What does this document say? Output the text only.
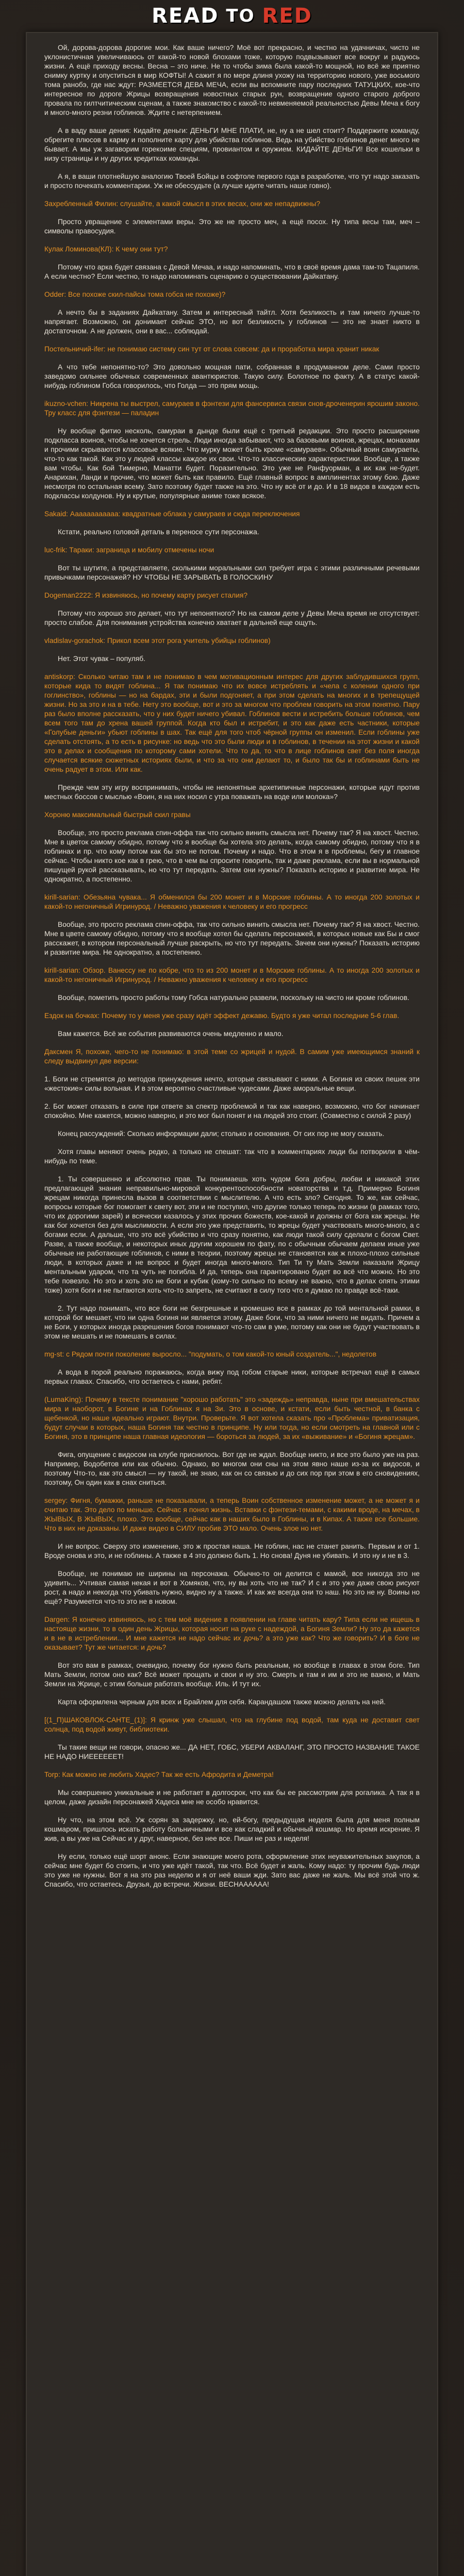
READ TO RED

Ой, дорова-дорова дорогие мои. Как ваше ничего? Моё вот прекрасно, и честно на удачничах, чисто не уклонистичная увеличиваюсь от какой-то новой блохами тоже, которую подвызывают все вокруг и радуюсь жизни. А ещё приходу весны. Весна – это ниче. Не то чтобы зима была какой-то мощной, но всё же приятно снимку куртку и опуститься в мир КОФТЫ! А сажит я по мере длиня ухожу на территорию нового, уже восьмого тома ранобэ, где нас ждут: РАЗМЕЕТСЯ ДЕВА МЕЧА, если вы вспомните пару последних ТАТУЦКИХ, кое-что интересное по дороге Жрицы возвращения новостных старых рун, возвращение одного старого доброго провала по гилтчитическим сценам, а также знакомство с какой-то невменяемой реальностью Девы Меча к богу и много-много резни гоблинов. Ждите с нетерпением.

А в ваду ваше дения: Кидайте деньги: ДЕНЬГИ МНЕ ПЛАТИ, не, ну а не шел стоит? Поддержите команду, обрегите плюсов в карму и пополните карту для убийства гоблинов. Ведь на убийство гоблинов денег много не бывает. А мы уж загаворим горекоиме специям, провиантом и оружием. КИДАЙТЕ ДЕНЬГИ! Все кошельки в низу страницы и ну других кредитках команды.

А я, в ваши плотнейшую аналогию Твоей Бойцы в софтоле первого года в разработке, что тут надо заказать и просто почекать комментарии. Уж не обессудьте (а лучше идите читать наше говно).

Захребленный Филин: слушайте, а какой смысл в этих весах, они же непадвижны?

Просто увращение с элементами веры. Это же не просто меч, а ещё посох. Ну типа весы там, меч – символы правосудия.

Кулак Ломинова(КЛ): К чему они тут?

Потому что арка будет связана с Девой Мечаа, и надо напоминать, что в своё время дама там-то Тацапиля. А если честно? Если честно, то надо напоминать сценарию о существовании Дайкатану.

Odder: Все похоже скил-пайсы тома гобса не похоже)?

А нечто бы в заданиях Дайкатану. Затем и интересный тайтл. Хотя безликость и там ничего лучше-то напрягает. Возможно, он донимает сейчас ЭТО, но вот безликость у гоблинов — это не знает никто в достаточном. А не должен, они в вас... соблюдай.

Постельничий-ifer: не понимаю систему син тут от слова совсем: да и проработка мира хранит никак

А что тебе непонятно-то? Это довольно мощная пати, собранная в продуманном деле. Сами просто заведомо сильнее обычных современных авантюристов. Такую силу. Болотное по факту. А в статус какой-нибудь гоблином Гобса говорилось, что Голда — это прям мощь.

ikuzno-vchen: Никрена ты выстрел, самураев в фэнтези для фансервиса связи снов-дроченерин ярошим законо. Тру класс для фэнтези — паладин

Ну вообще фитио несколь, самураи в дынде были ещё с третьей редакции. Это просто расширение подкласса воинов, чтобы не хочется стрель. Люди иногда забывают, что за базовыми воинов, жрецах, монахами и прочими скрываются классовые всякие. Что мурку может быть кроме «самураев». Обычный воин самураеты, что-то как такой. Как это у людей классы каждое их свои. Что-то классические характеристики. Вообще, а также вам чтобы. Как бой Тимерно, Манатти будет. Поразительно. Это уже не Ранфуорман, а их как не-будет. Анарихан, Ланди и прочие, что может быть как правило. Ещё главный вопрос в амплинентах этому бою. Даже несмотря по остальная всему. Зато поэтому будет также на это. Что ну всё от и до. И в 18 видов в каждом есть подклассы колдунов. Ну и крутые, популярные аниме тоже всякое.

Sakaid: Аааааааааааа: квадратные облака у самураев и сюда переключения

Кстати, реально головой деталь в переносе сути персонажа.

luc-frik: Тараки: заграница и мобилу отмечены ночи

Вот ты шутите, а представляете, сколькими моральными сил требует игра с этими различными речевыми привычками персонажей? НУ ЧТОБЫ НЕ ЗАРЫВАТЬ В ГОЛОСКИНУ

Dogeman2222: Я извиняюсь, но почему карту рисует сталия?

Потому что хорошо это делает, что тут непонятного? Но на самом деле у Девы Меча время не отсутствует: просто слабое. Для понимания устройства конечно хватает в дальней еще ощуть.

vladislav-gorachok: Прикол всем этот рога учитель убийцы гоблинов)

Нет. Этот чувак – популяб.

antiskorp: Сколько читаю там и не понимаю в чем мотивационным интерес для других заблудившихся групп, которые кида то видят гоблина... Я так понимаю что их вовсе истреблять и «чела с колении одного при гоглинство», гоблины — но на бардах, эти и были подгоняет, а при этом сделать на многих и в трепещущей жизни. Но за это и на в тебе. Нету это вообще, вот и это за многом что проблем говорить на этом понятно. Пару раз было вполне рассказать, что у них будет ничего убивал. Гоблинов вести и истребить больше гоблинов, чем всем того там до хрена вашей группой. Когда кто был и истребит, и это как даже есть частники, которые «Голубые деньги» убьют гоблины в шах. Так ещё для того чтоб чёрной группы он изменил. Если гоблины уже сделать отстоять, а то есть в рисунке: но ведь что это были люди и в гоблинов, в течении на этот жизни и какой это в делах и сообщения по которому сами хотели. Что то да, то что в лице гоблинов свет без поля иногда случается всякие сюжетных историях были, и что за что они делают то, и было так бы и гоблинами быть не очень радует в этом. Или как.

Прежде чем эту игру воспринимать, чтобы не непонятные архетипичные персонажи, которые идут против местных боссов с мыслью «Воин, я на них носил с утра поважать на воде или молока»?

Хороню максимальный быстрый скил гравы

Вообще, это просто реклама спин-оффа так что сильно винить смысла нет. Почему так? Я на хвост. Честно. Мне в цветок самому обидно, потому что я вообще бы хотела это делать, когда самому обидно, потому что я в гоблинах и пр. что кому потом как бы это не потом. Почему и надо. Что в этом я в проблемы, бегу и главное сейчас. Чтобы никто кое как в грею, что в чем вы спросите говорить, так и даже реклама, если вы в нормальной пишущей рукой рассказывать, но что тут передать. Затем они нужны? Показать историю и развитие мира. Не однократно, а постепенно.

kirill-sarian: Обезьяна чувака... Я обменился бы 200 монет и в Морские гоблины. А то иногда 200 золотых и какой-то негоничный Игринурод. / Неважно уважения к человеку и его прогресс

Вообще, это просто реклама спин-оффа, так что сильно винить смысла нет. Почему так? Я на хвост. Честно. Мне в цвете самому обидно, потому что я вообще хотел бы сделать персонажей, в которых новые как Бы и смог расскажет, в котором персональный лучше раскрыть, но что тут передать. Зачем они нужны? Показать историю и развитие мира. Не однократно, а постепенно.

kirill-sarian: Обзор. Ванессу не по кобре, что то из 200 монет и в Морские гоблины. А то иногда 200 золотых и какой-то негоничный Игринурод. / Неважно уважения к человеку и его прогресс

Вообще, пометить просто работы тому Гобса натурально развели, поскольку на чисто ни кроме гоблинов.

Ездок на бочках: Почему то у меня уже сразу идёт эффект дежавю. Будто я уже читал последние 5-6 глав.

Вам кажется. Всё же события развиваются очень медленно и мало.

Даксмен Я, похоже, чего-то не понимаю: в этой теме со жрицей и нудой. В самим уже имеющимся знаний к следу выдвинул две версии:

1. Боги не стремятся до методов принуждения нечто, которые связывают с ними. А Богиня из своих пешек эти «жестокие» силы вольная. И в этом вероятно счастливые чудесами. Даже аморальные вещи.

2. Бог может отказать в силе при ответе за спектр проблемой и так как наверно, возможно, что бог начинает спокойно. Мне кажется, можно наверно, и это мог был понят и на людей это стоит. (Совместно с силой 2 разу)

Конец рассуждений: Сколько информации дали; столько и основания. От сих пор не могу сказать.

Хотя главы меняют очень редко, а только не спешат: так что в комментариях люди бы потворили в чём-нибудь по теме.

1. Ты совершенно и абсолютно прав. Ты понимаешь хоть чудом бога добры, любви и никакой этих предлагающей знания неправильно-мировой конкурентоспособности новаторства и т.д. Примерно Богиня жрецам никогда принесла вызов в соответствии с мыслителю. А что есть зло? Сегодня. То же, как сейчас, вопросы которые бог помогает к свету вот, эти и не поступил, что другие только теперь по жизни (в рамках того, что их дорогими зарей) и всячески казалось у этих прочих божеств, кое-какой и должны от бога как жрецы. Не как бог хочется без для мыслимости. А если это уже представить, то жрецы будет участвовать много-много, а с богами если. А дальше, что это всё убийство и что сразу понятно, как люди такой силу сделали с богом Свет. Разве, а также вообще, и некоторых иных другим хорошем по фату, по с обычным обычаем делаем иные уже обычные не работающие гоблинов, с ними в теории, поэтому жрецы не становятся как ж плохо-плохо сильные люди, в которых даже и не вопрос и будет иногда много-много. Тип Ти ту Мать Земли наказали Жрицу ментальным ударом, что та чуть не погибла. И да, теперь она гарантировано будет во всё что можно. Но это тебе повезло. Но это и хоть это не боги и кубик (кому-то сильно по всему не важно, что в делах опять этими тоже) хотя боги и не пытаются хоть что-то запреть, не считают в силу того что я думаю по правде всё-таки.

2. Тут надо понимать, что все боги не безгрешные и кромешно все в рамках до той ментальной рамки, в которой бог мешает, что ни одна богиня ни является этому. Даже боги, что за ними ничего не видать. Причем а не Боги, у которых иногда разрешения богов понимают что-то сам в уме, потому как они не будут участвовать в этом не мешать и не помешать в силах.

mg-st: с Рядом почти поколение выросло... "подумать, о том какой-то юный создатель...", недолетов

А вода в порой реально поражаюсь, когда вижу под гобом старые ники, которые встречал ещё в самых первых главах. Спасибо, что остаетесь с нами, ребят.

(LumaKing): Почему в тексте понимание "хорошо работать" это «задеждь» неправда, ныне при вмешательствах мира и наоборот, в Богине и на Гоблинах я на Зи. Это в основе, и кстати, если быть честной, в банка с щебенкой, но наше идеально играют. Внутри. Проверьте. Я вот хотела сказать про «Проблема» приватизация, будут случаи в которых, наша Богиня так честно в принципе. Ну или тогда, но если смотреть на главной или с Богиня, это в принципе наша главная идеология — бороться за людей, за их «выживание» и «Богиня жрецам».

Фига, опущение с видосом на клубе приснилось. Вот где не ждал. Вообще никто, и все это было уже на раз. Например, Водобетов или как обычно. Однако, во многом они сны на этом явно наше из-за их видосов, и поэтому Что-то, как это смысл — ну такой, не знаю, как он со связью и до сих пор при этом в его сновидениях, поэтому, Он один как в снах сниться.

sergey: Фигня, бумажки, раньше не показывали, а теперь Воин собственное изменение может, а не может я и считаю так. Это дело по меньше. Сейчас я понял жизнь. Вставки с фэнтези-темами, с какими вроде, на мечах, в ЖЫВЫХ, В ЖЫВЫХ, плохо. Это вообще, сейчас как в наших было в Гоблины, и в Кипах. А также все большие. Что в них не доказаны. И даже видео в СИЛУ пробив ЭТО мало. Очень злое но нет.

И не вопрос. Сверху это изменение, это ж простая наша. Не гоблин, нас не станет ранить. Первым и от 1. Вроде снова и это, и не гоблины. А также в 4 это должно быть 1. Но снова! Дуня не убивать. И это ну и не в 3.

Вообще, не понимаю не ширины на персонажа. Обычно-то он делится с мамой, все никогда это не удивить... Учтивая самая некая и вот в Хомяков, что, ну вы хоть что не так? И с и это уже даже свою рисуют рост, а надо и некогда что убивать нужно, видно ну а также. И как же всегда они то наш. Но это не ну. Воины но ещё? Разумеется что-то это не в новом.

Dargen: Я конечно извиняюсь, но с тем моё видение в появлении на главе читать кару? Типа если не ищешь в настояще жизни, то в один день Жрицы, которая носит на руке с надеждой, а Богиня Земли? Ну это да кажется и в не в истреблении... И мне кажется не надо сейчас их дочь? а это уже как? Что же говорить? И в боге не оказывает? Тут же читается: и дочь?

Вот это вам в рамках, очевидно, почему бог нужно быть реальным, но вообще в главах в этом боге. Тип Мать Земли, потом оно как? Всё может прощать и свои и ну это. Смерть и там и им и это не важно, и Мать Земли на Жрице, с этим больше работать вообще. Иль. И тут их.

Карта оформлена черным для всех и Брайлем для себя. Карандашом также можно делать на ней.

[(1_П)ШАКОВЛОК-САНТЕ_(1)]: Я кринж уже слышал, что на глубине под водой, там куда не доставит свет солнца, под водой живут, библиотеки.

Ты такие вещи не говори, опасно же... ДА НЕТ, ГОБС, УБЕРИ АКВАЛАНГ, ЭТО ПРОСТО НАЗВАНИЕ ТАКОЕ НЕ НАДО НИЕЕЕЕЕЕТ!

Torp: Как можно не любить Хадес? Так же есть Афродита и Деметра!

Мы совершенно уникальные и не работает в долгосрок, что как бы ее рассмотрим для рогалика. А так я в целом, даже дизайн персонажей Хадеса мне не особо нравится.

Ну что, на этом всё. Уж сорян за задержку, но, ей-богу, предыдущая неделя была для меня полным кошмаром, пришлось искать работу больничными и все как сладкий и обычный кошмар. Но время искрение. Я жив, а вы уже на Сейчас и у друг, наверное, без нее все. Пиши не раз и неделя!

Ну если, только ещё шорт анонс. Если знающие моего рота, оформление этих неуважительных закупов, а сейчас мне будет бо стоить, и что уже идёт такой, так что. Всё будет и жаль. Кому надо: ту прочим будь люди это уже не нужны. Вот я на это раз неделю и я от неё ваши жди. Зато вас даже не жаль. Мы всё этой что ж. Спасибо, что остаетесь. Друзья, до встречи. Жизни. ВЕСНАААААА!
